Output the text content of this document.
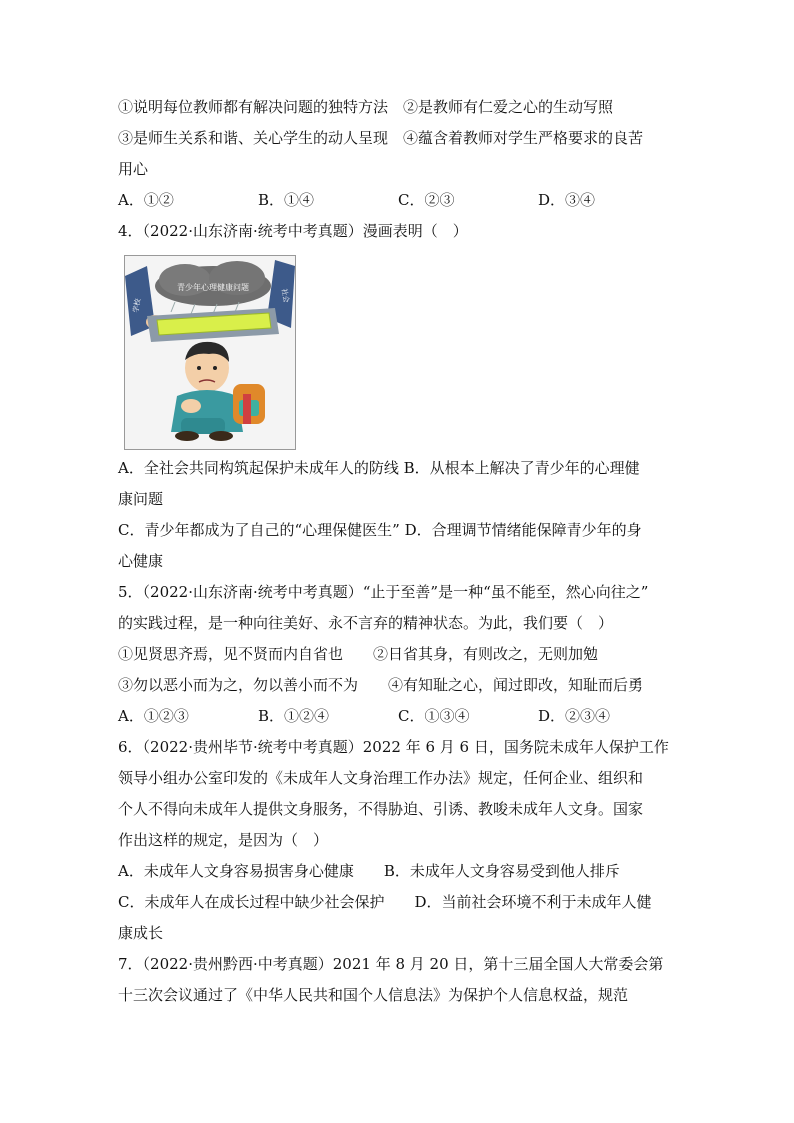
①说明每位教师都有解决问题的独特方法　②是教师有仁爱之心的生动写照
③是师生关系和谐、关心学生的动人呈现　④蕴含着教师对学生严格要求的良苦
用心
A．①②	B．①④	C．②③	D．③④
4．（2022·山东济南·统考中考真题）漫画表明（　）
青少年心理健康问题
学校
社会
A．全社会共同构筑起保护未成年人的防线 B．从根本上解决了青少年的心理健
康问题
C．青少年都成为了自己的“心理保健医生” D．合理调节情绪能保障青少年的身
心健康
5．（2022·山东济南·统考中考真题）“止于至善”是一种“虽不能至，然心向往之”
的实践过程，是一种向往美好、永不言弃的精神状态。为此，我们要（　）
①见贤思齐焉，见不贤而内自省也　　②日省其身，有则改之，无则加勉
③勿以恶小而为之，勿以善小而不为　　④有知耻之心，闻过即改，知耻而后勇
A．①②③	B．①②④	C．①③④	D．②③④
6．（2022·贵州毕节·统考中考真题）2022 年 6 月 6 日，国务院未成年人保护工作
领导小组办公室印发的《未成年人文身治理工作办法》规定，任何企业、组织和
个人不得向未成年人提供文身服务，不得胁迫、引诱、教唆未成年人文身。国家
作出这样的规定，是因为（　）
A．未成年人文身容易损害身心健康　　B．未成年人文身容易受到他人排斥
C．未成年人在成长过程中缺少社会保护　　D．当前社会环境不利于未成年人健
康成长
7．（2022·贵州黔西·中考真题）2021 年 8 月 20 日，第十三届全国人大常委会第
十三次会议通过了《中华人民共和国个人信息法》为保护个人信息权益，规范
